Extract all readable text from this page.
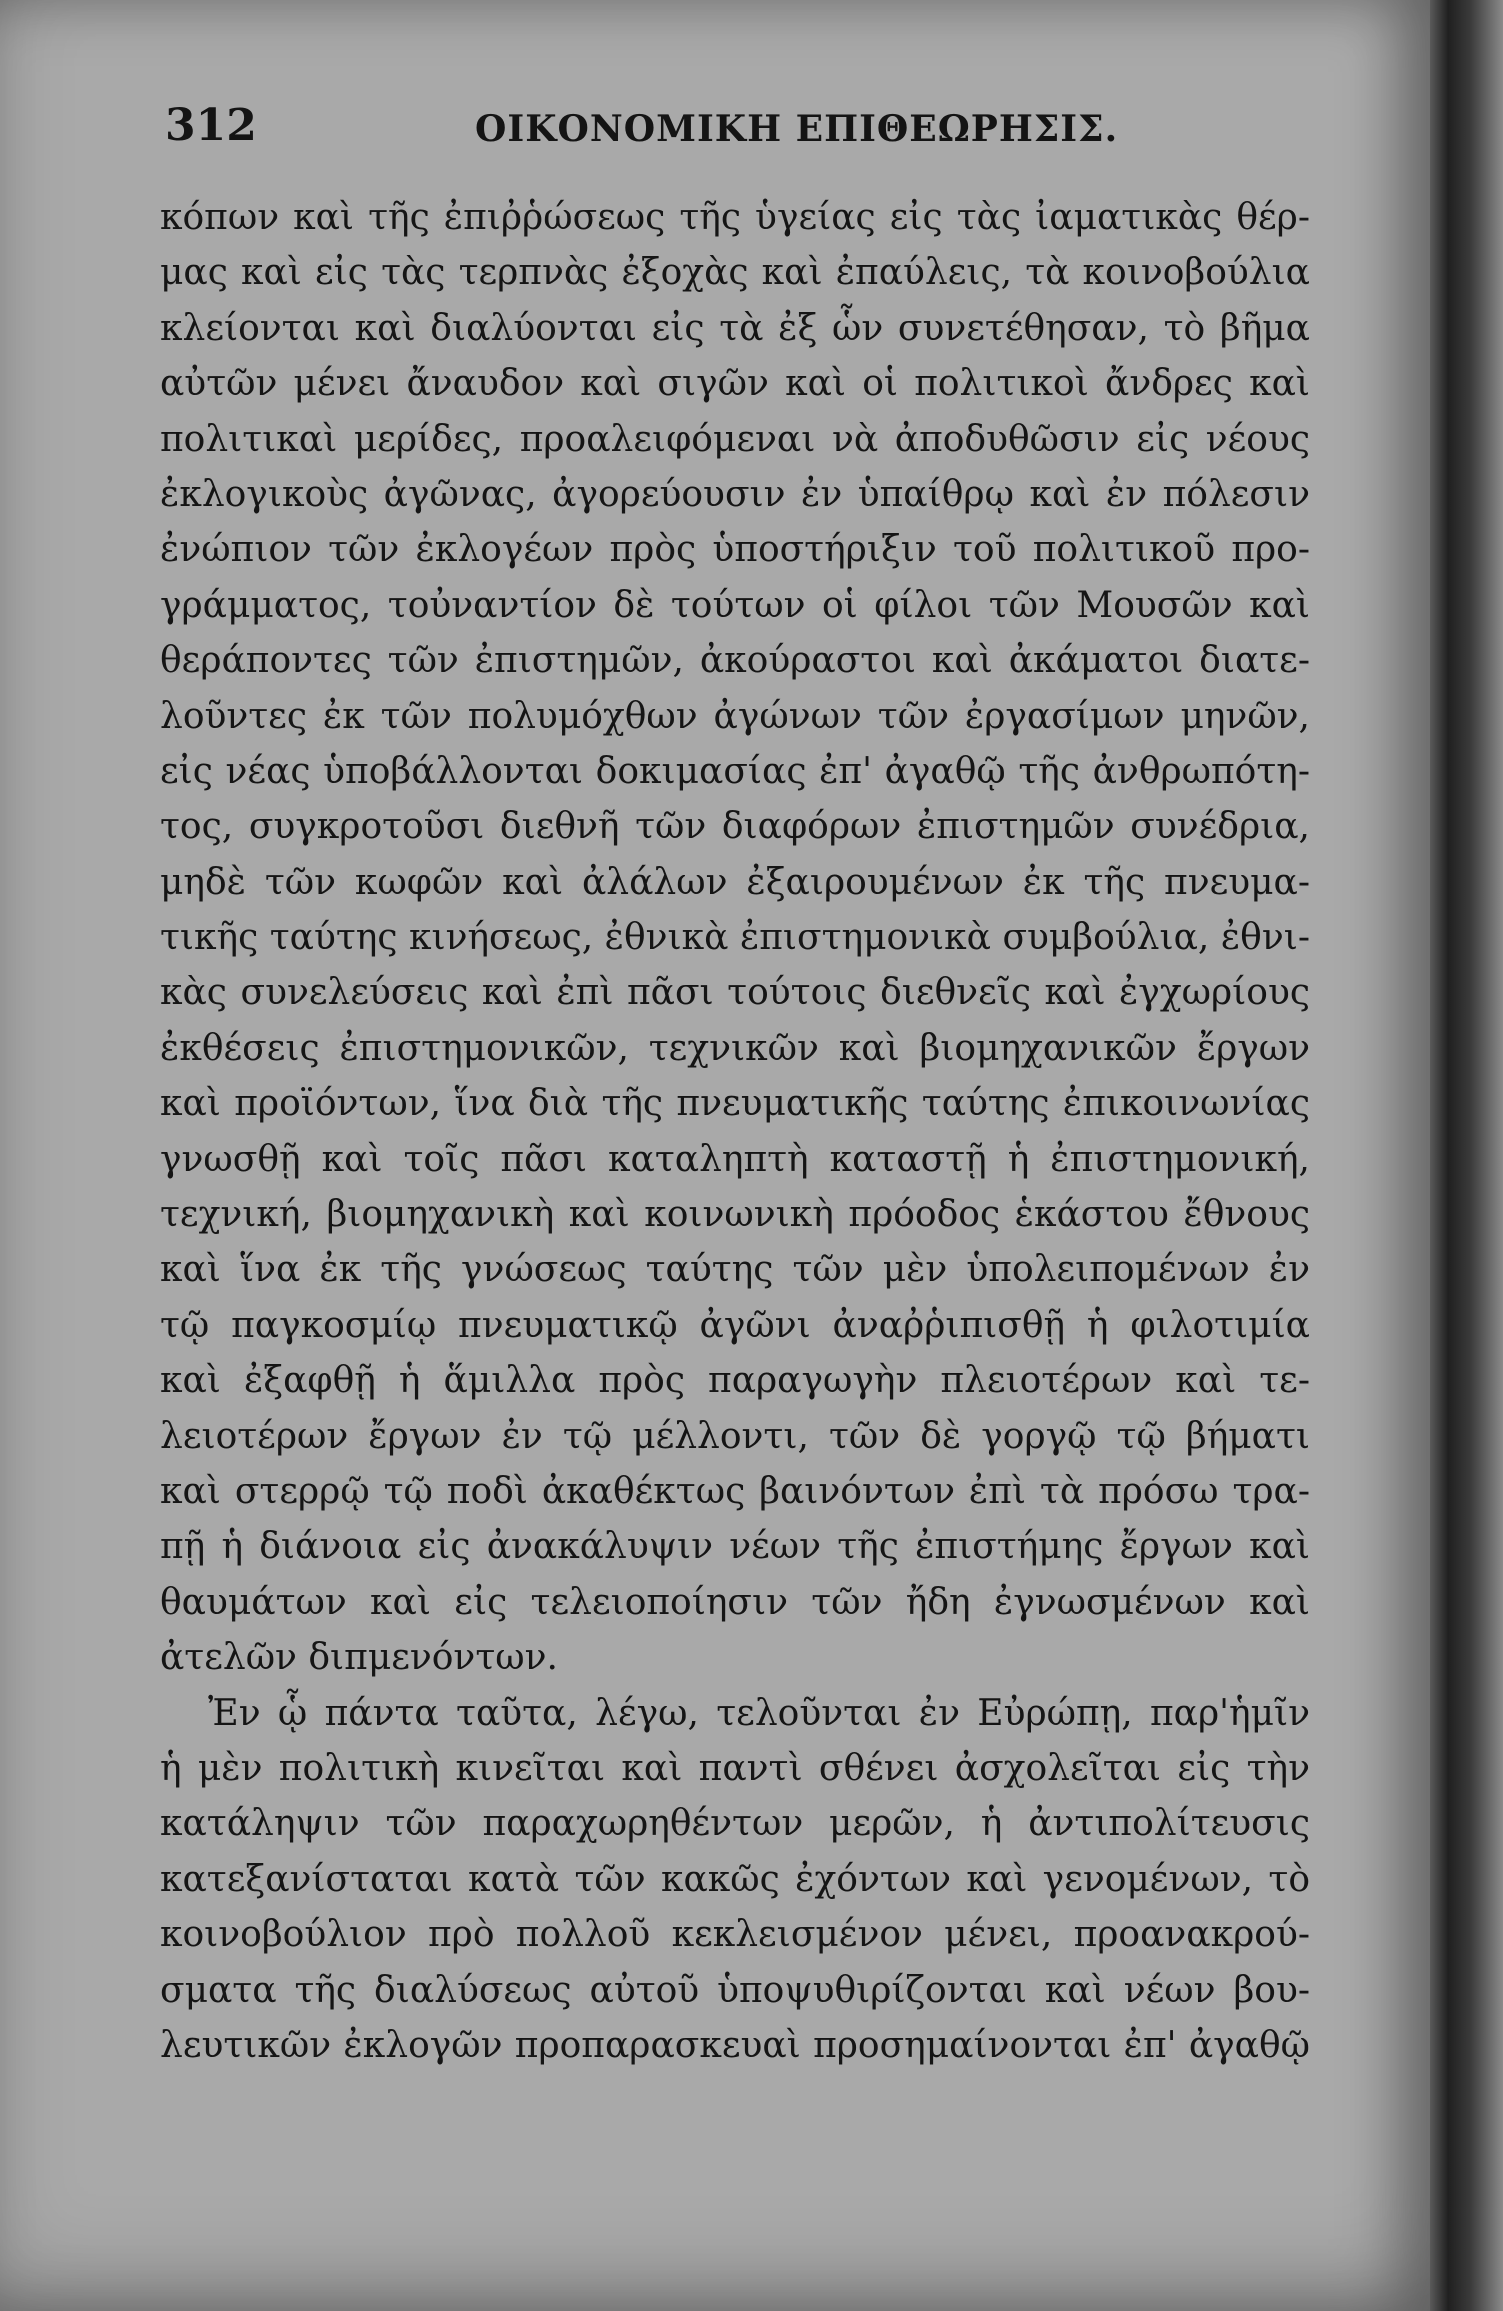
312	ΟΙΚΟΝΟΜΙΚΗ ΕΠΙΘΕΩΡΗΣΙΣ.
κόπων καὶ τῆς ἐπιῤῥώσεως τῆς ὑγείας εἰς τὰς ἰαματικὰς θέρ-
μας καὶ εἰς τὰς τερπνὰς ἐξοχὰς καὶ ἐπαύλεις, τὰ κοινοβούλια
κλείονται καὶ διαλύονται εἰς τὰ ἐξ ὧν συνετέθησαν, τὸ βῆμα
αὐτῶν μένει ἄναυδον καὶ σιγῶν καὶ οἱ πολιτικοὶ ἄνδρες καὶ
πολιτικαὶ μερίδες, προαλειφόμεναι νὰ ἀποδυθῶσιν εἰς νέους
ἐκλογικοὺς ἀγῶνας, ἀγορεύουσιν ἐν ὑπαίθρῳ καὶ ἐν πόλεσιν
ἐνώπιον τῶν ἐκλογέων πρὸς ὑποστήριξιν τοῦ πολιτικοῦ προ-
γράμματος, τοὐναντίον δὲ τούτων οἱ φίλοι τῶν Μουσῶν καὶ
θεράποντες τῶν ἐπιστημῶν, ἀκούραστοι καὶ ἀκάματοι διατε-
λοῦντες ἐκ τῶν πολυμόχθων ἀγώνων τῶν ἐργασίμων μηνῶν,
εἰς νέας ὑποβάλλονται δοκιμασίας ἐπ' ἀγαθῷ τῆς ἀνθρωπότη-
τος, συγκροτοῦσι διεθνῆ τῶν διαφόρων ἐπιστημῶν συνέδρια,
μηδὲ τῶν κωφῶν καὶ ἀλάλων ἐξαιρουμένων ἐκ τῆς πνευμα-
τικῆς ταύτης κινήσεως, ἐθνικὰ ἐπιστημονικὰ συμβούλια, ἐθνι-
κὰς συνελεύσεις καὶ ἐπὶ πᾶσι τούτοις διεθνεῖς καὶ ἐγχωρίους
ἐκθέσεις ἐπιστημονικῶν, τεχνικῶν καὶ βιομηχανικῶν ἔργων
καὶ προϊόντων, ἵνα διὰ τῆς πνευματικῆς ταύτης ἐπικοινωνίας
γνωσθῇ καὶ τοῖς πᾶσι καταληπτὴ καταστῇ ἡ ἐπιστημονική,
τεχνική, βιομηχανικὴ καὶ κοινωνικὴ πρόοδος ἑκάστου ἔθνους
καὶ ἵνα ἐκ τῆς γνώσεως ταύτης τῶν μὲν ὑπολειπομένων ἐν
τῷ παγκοσμίῳ πνευματικῷ ἀγῶνι ἀναῤῥιπισθῇ ἡ φιλοτιμία
καὶ ἐξαφθῇ ἡ ἅμιλλα πρὸς παραγωγὴν πλειοτέρων καὶ τε-
λειοτέρων ἔργων ἐν τῷ μέλλοντι, τῶν δὲ γοργῷ τῷ βήματι
καὶ στερρῷ τῷ ποδὶ ἀκαθέκτως βαινόντων ἐπὶ τὰ πρόσω τρα-
πῇ ἡ διάνοια εἰς ἀνακάλυψιν νέων τῆς ἐπιστήμης ἔργων καὶ
θαυμάτων καὶ εἰς τελειοποίησιν τῶν ἤδη ἐγνωσμένων καὶ
ἀτελῶν διπμενόντων.
Ἐν ᾧ πάντα ταῦτα, λέγω, τελοῦνται ἐν Εὐρώπῃ, παρ'ἡμῖν
ἡ μὲν πολιτικὴ κινεῖται καὶ παντὶ σθένει ἀσχολεῖται εἰς τὴν
κατάληψιν τῶν παραχωρηθέντων μερῶν, ἡ ἀντιπολίτευσις
κατεξανίσταται κατὰ τῶν κακῶς ἐχόντων καὶ γενομένων, τὸ
κοινοβούλιον πρὸ πολλοῦ κεκλεισμένον μένει, προανακρού-
σματα τῆς διαλύσεως αὐτοῦ ὑποψυθιρίζονται καὶ νέων βου-
λευτικῶν ἐκλογῶν προπαρασκευαὶ προσημαίνονται ἐπ' ἀγαθῷ
